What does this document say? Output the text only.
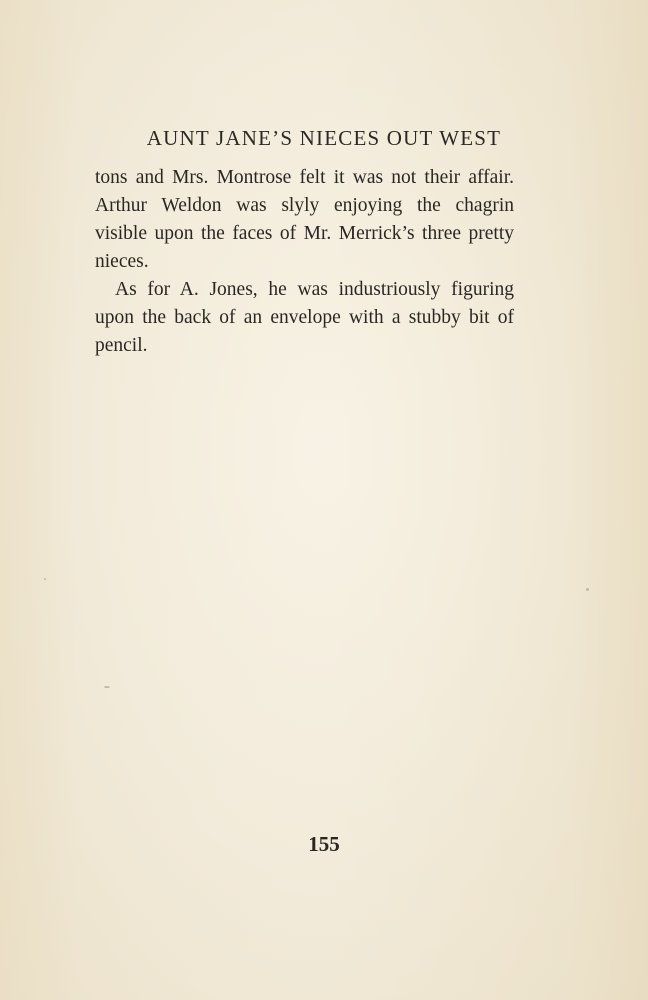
AUNT JANE’S NIECES OUT WEST

tons and Mrs. Montrose felt it was not their affair. Arthur Weldon was slyly enjoying the chagrin visible upon the faces of Mr. Merrick’s three pretty nieces.

As for A. Jones, he was industriously figuring upon the back of an envelope with a stubby bit of pencil.

155
